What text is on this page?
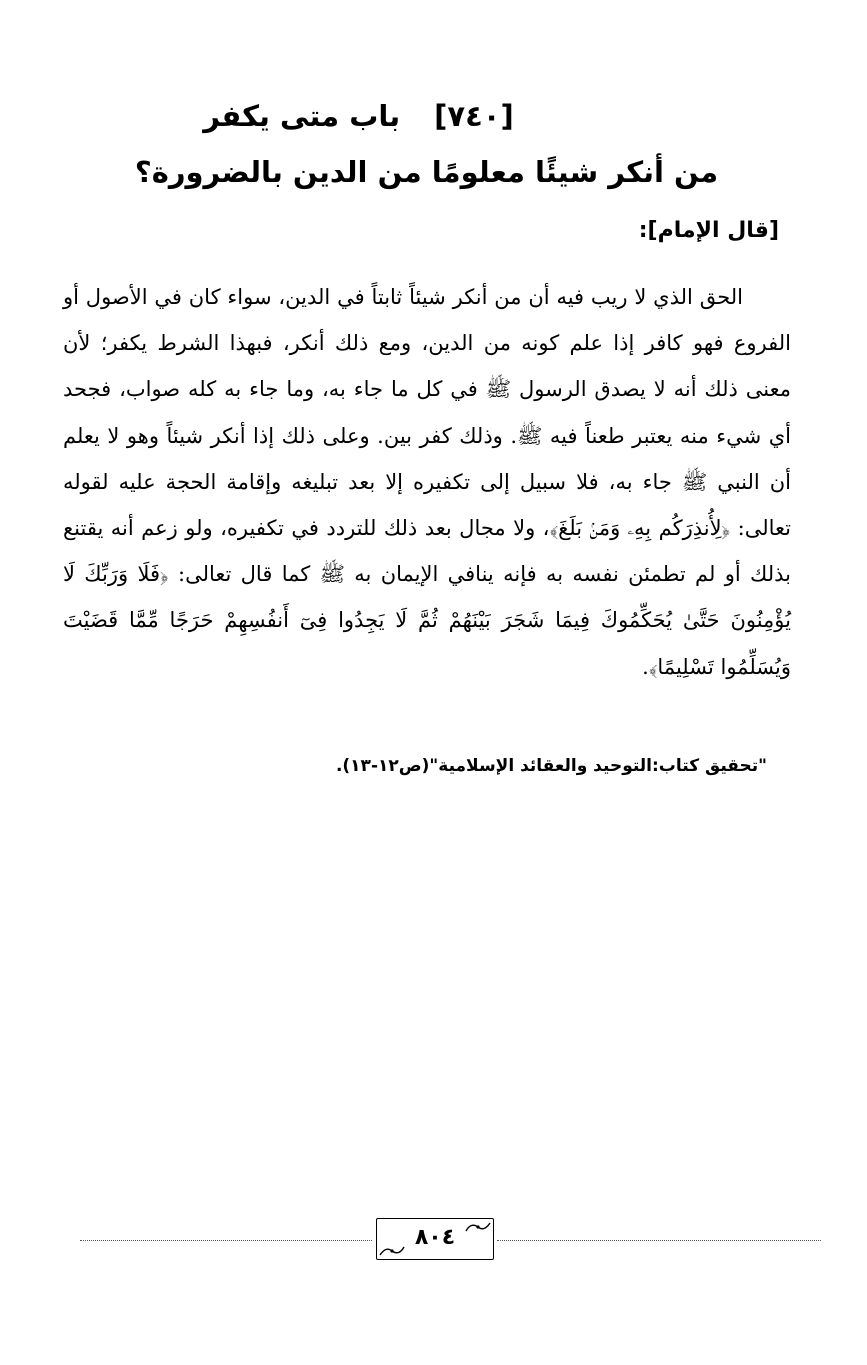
[٧٤٠]باب متى يكفر
من أنكر شيئًا معلومًا من الدين بالضرورة؟
[قال الإمام]:

الحق الذي لا ريب فيه أن من أنكر شيئاً ثابتاً في الدين، سواء كان في الأصول أو الفروع فهو كافر إذا علم كونه من الدين، ومع ذلك أنكر، فبهذا الشرط يكفر؛ لأن معنى ذلك أنه لا يصدق الرسول ﷺ في كل ما جاء به، وما جاء به كله صواب، فجحد أي شيء منه يعتبر طعناً فيه ﷺ. وذلك كفر بين. وعلى ذلك إذا أنكر شيئاً وهو لا يعلم أن النبي ﷺ جاء به، فلا سبيل إلى تكفيره إلا بعد تبليغه وإقامة الحجة عليه لقوله تعالى: ﴿لِأُنذِرَكُم بِهِۦ وَمَنۢ بَلَغَ﴾، ولا مجال بعد ذلك للتردد في تكفيره، ولو زعم أنه يقتنع بذلك أو لم تطمئن نفسه به فإنه ينافي الإيمان به ﷺ كما قال تعالى: ﴿فَلَا وَرَبِّكَ لَا يُؤْمِنُونَ حَتَّىٰ يُحَكِّمُوكَ فِيمَا شَجَرَ بَيْنَهُمْ ثُمَّ لَا يَجِدُوا فِىٓ أَنفُسِهِمْ حَرَجًا مِّمَّا قَضَيْتَ وَيُسَلِّمُوا تَسْلِيمًا﴾.

"تحقيق كتاب:التوحيد والعقائد الإسلامية"(ص١٢-١٣).
٨٠٤
